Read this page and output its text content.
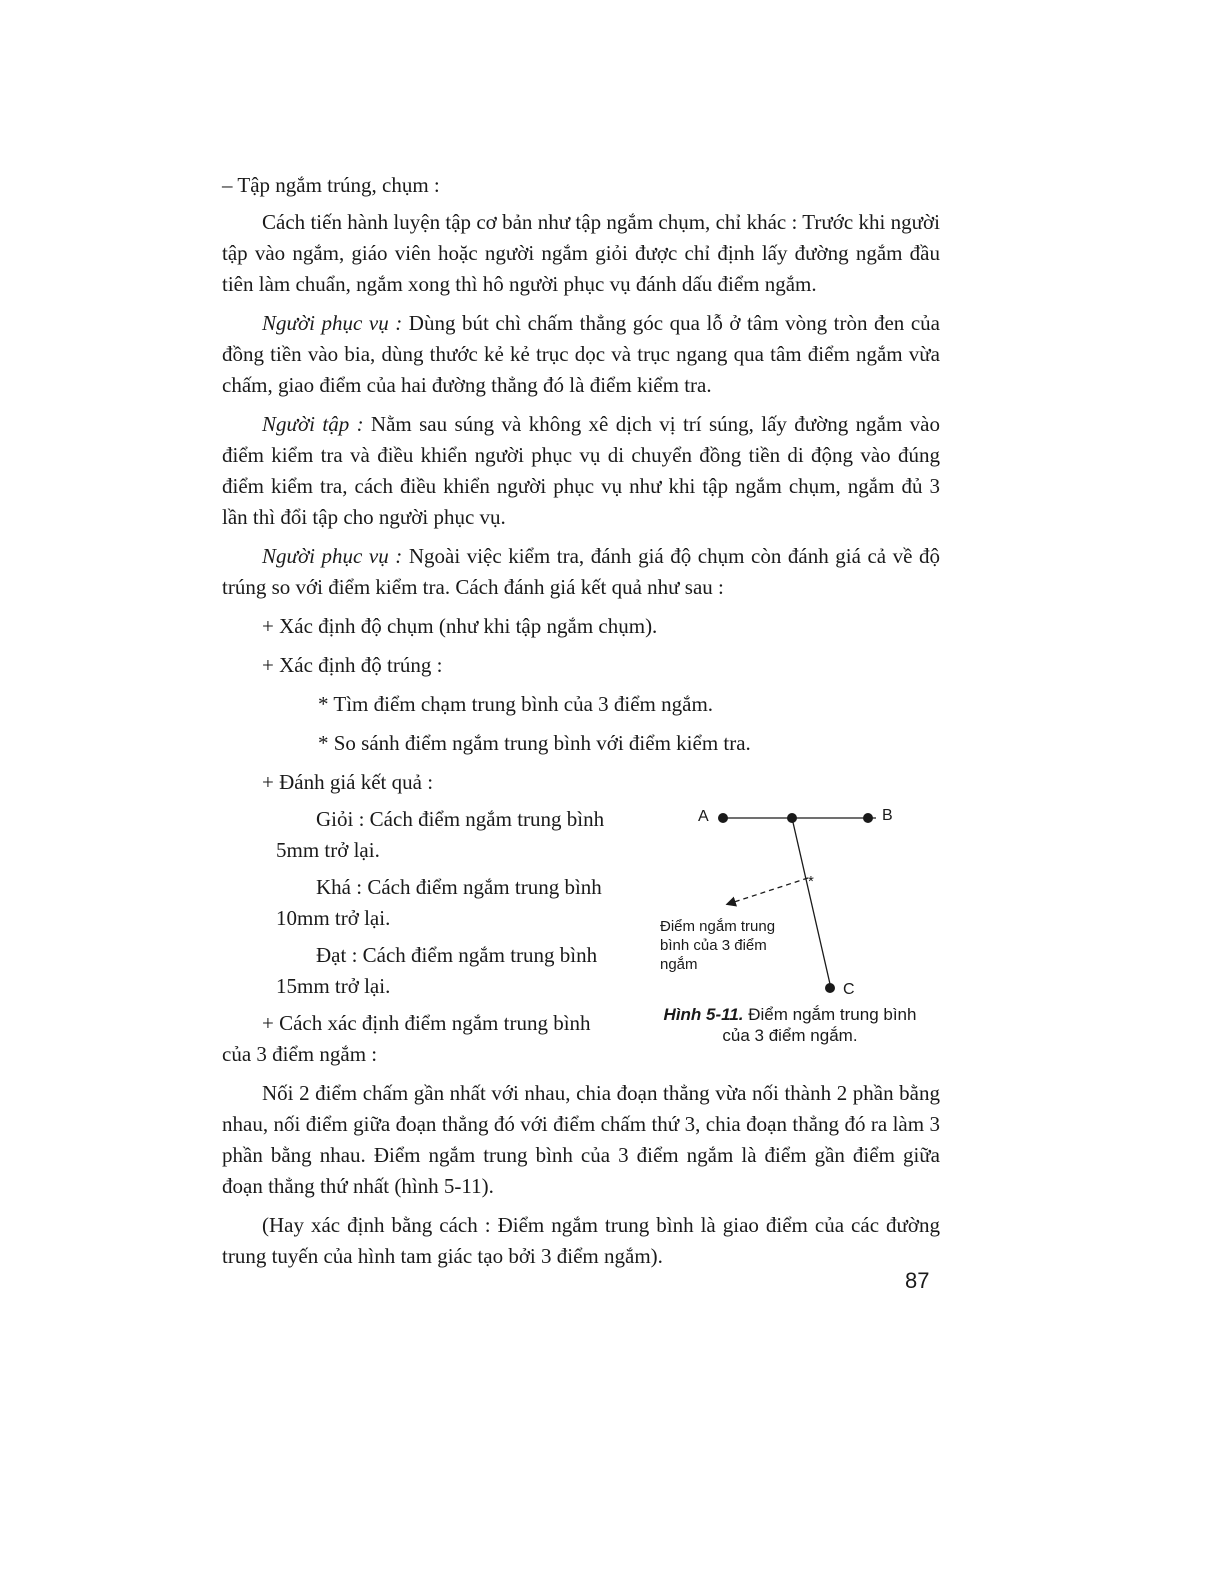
– Tập ngắm trúng, chụm :

Cách tiến hành luyện tập cơ bản như tập ngắm chụm, chỉ khác : Trước khi người tập vào ngắm, giáo viên hoặc người ngắm giỏi được chỉ định lấy đường ngắm đầu tiên làm chuẩn, ngắm xong thì hô người phục vụ đánh dấu điểm ngắm.

Người phục vụ : Dùng bút chì chấm thẳng góc qua lỗ ở tâm vòng tròn đen của đồng tiền vào bia, dùng thước kẻ kẻ trục dọc và trục ngang qua tâm điểm ngắm vừa chấm, giao điểm của hai đường thẳng đó là điểm kiểm tra.

Người tập : Nằm sau súng và không xê dịch vị trí súng, lấy đường ngắm vào điểm kiểm tra và điều khiển người phục vụ di chuyển đồng tiền di động vào đúng điểm kiểm tra, cách điều khiển người phục vụ như khi tập ngắm chụm, ngắm đủ 3 lần thì đổi tập cho người phục vụ.

Người phục vụ : Ngoài việc kiểm tra, đánh giá độ chụm còn đánh giá cả về độ trúng so với điểm kiểm tra. Cách đánh giá kết quả như sau :

+ Xác định độ chụm (như khi tập ngắm chụm).

+ Xác định độ trúng :

* Tìm điểm chạm trung bình của 3 điểm ngắm.

* So sánh điểm ngắm trung bình với điểm kiểm tra.

+ Đánh giá kết quả :

Giỏi : Cách điểm ngắm trung bình 5mm trở lại.

Khá : Cách điểm ngắm trung bình 10mm trở lại.

Đạt : Cách điểm ngắm trung bình 15mm trở lại.

+ Cách xác định điểm ngắm trung bình của 3 điểm ngắm :

Nối 2 điểm chấm gần nhất với nhau, chia đoạn thẳng vừa nối thành 2 phần bằng nhau, nối điểm giữa đoạn thẳng đó với điểm chấm thứ 3, chia đoạn thẳng đó ra làm 3 phần bằng nhau. Điểm ngắm trung bình của 3 điểm ngắm là điểm gần điểm giữa đoạn thẳng thứ nhất (hình 5-11).

(Hay xác định bằng cách : Điểm ngắm trung bình là giao điểm của các đường trung tuyến của hình tam giác tạo bởi 3 điểm ngắm).

A	B
C
*
Điểm ngắm trung
bình của 3 điểm
ngắm
Hình 5-11. Điểm ngắm trung bình
của 3 điểm ngắm.
87
